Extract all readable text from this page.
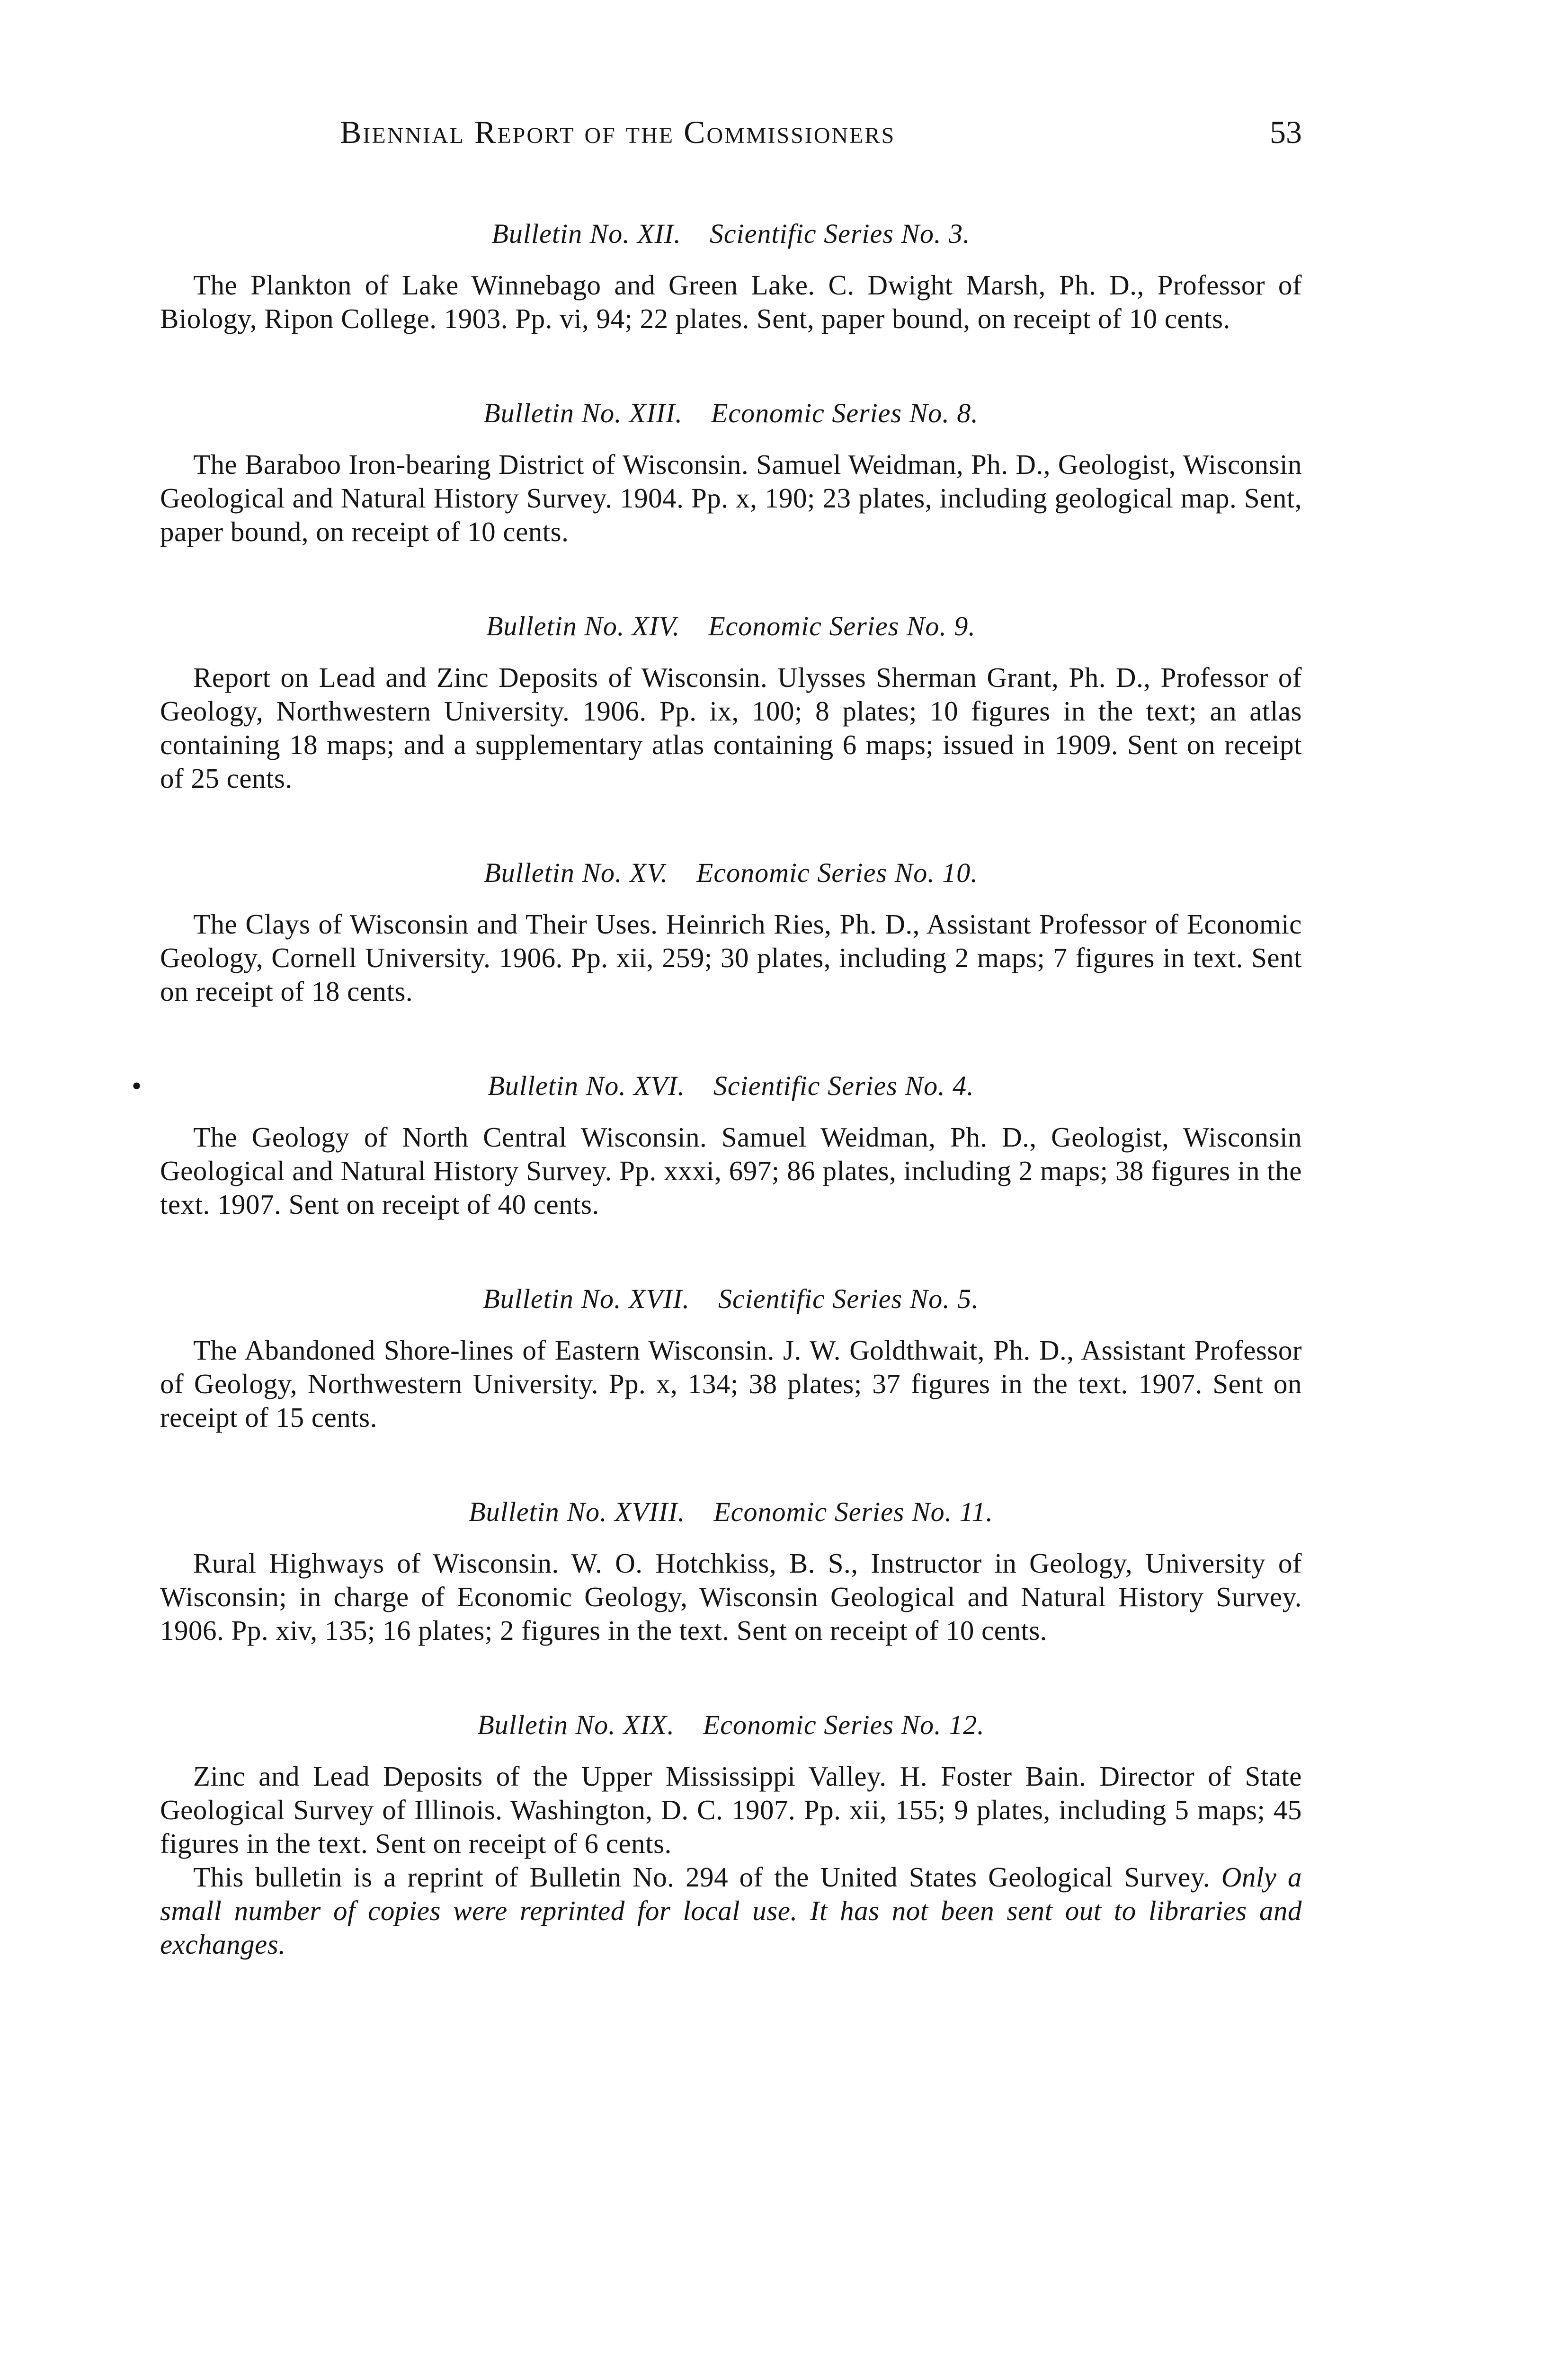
Biennial Report of the Commissioners	53
Bulletin No. XII. Scientific Series No. 3.

The Plankton of Lake Winnebago and Green Lake. C. Dwight Marsh, Ph. D., Professor of Biology, Ripon College. 1903. Pp. vi, 94; 22 plates. Sent, paper bound, on receipt of 10 cents.

Bulletin No. XIII. Economic Series No. 8.

The Baraboo Iron-bearing District of Wisconsin. Samuel Weidman, Ph. D., Geologist, Wisconsin Geological and Natural History Survey. 1904. Pp. x, 190; 23 plates, including geological map. Sent, paper bound, on receipt of 10 cents.

Bulletin No. XIV. Economic Series No. 9.

Report on Lead and Zinc Deposits of Wisconsin. Ulysses Sherman Grant, Ph. D., Professor of Geology, Northwestern University. 1906. Pp. ix, 100; 8 plates; 10 figures in the text; an atlas containing 18 maps; and a supplementary atlas containing 6 maps; issued in 1909. Sent on receipt of 25 cents.

Bulletin No. XV. Economic Series No. 10.

The Clays of Wisconsin and Their Uses. Heinrich Ries, Ph. D., Assistant Professor of Economic Geology, Cornell University. 1906. Pp. xii, 259; 30 plates, including 2 maps; 7 figures in text. Sent on receipt of 18 cents.

•	Bulletin No. XVI. Scientific Series No. 4.

The Geology of North Central Wisconsin. Samuel Weidman, Ph. D., Geologist, Wisconsin Geological and Natural History Survey. Pp. xxxi, 697; 86 plates, including 2 maps; 38 figures in the text. 1907. Sent on receipt of 40 cents.

Bulletin No. XVII. Scientific Series No. 5.

The Abandoned Shore-lines of Eastern Wisconsin. J. W. Goldthwait, Ph. D., Assistant Professor of Geology, Northwestern University. Pp. x, 134; 38 plates; 37 figures in the text. 1907. Sent on receipt of 15 cents.

Bulletin No. XVIII. Economic Series No. 11.

Rural Highways of Wisconsin. W. O. Hotchkiss, B. S., Instructor in Geology, University of Wisconsin; in charge of Economic Geology, Wisconsin Geological and Natural History Survey. 1906. Pp. xiv, 135; 16 plates; 2 figures in the text. Sent on receipt of 10 cents.

Bulletin No. XIX. Economic Series No. 12.

Zinc and Lead Deposits of the Upper Mississippi Valley. H. Foster Bain. Director of State Geological Survey of Illinois. Washington, D. C. 1907. Pp. xii, 155; 9 plates, including 5 maps; 45 figures in the text. Sent on receipt of 6 cents.

This bulletin is a reprint of Bulletin No. 294 of the United States Geological Survey. Only a small number of copies were reprinted for local use. It has not been sent out to libraries and exchanges.
